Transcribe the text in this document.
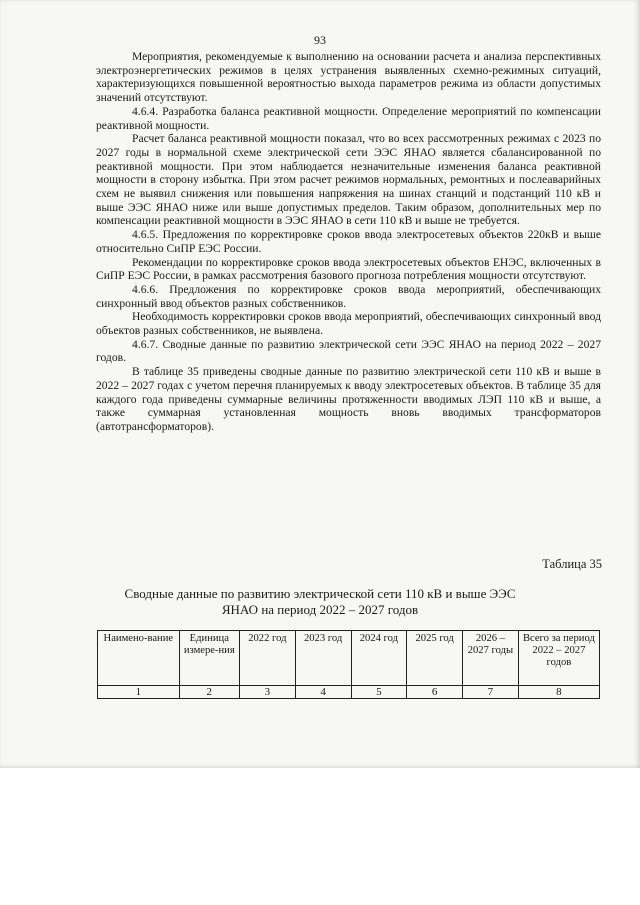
93

Мероприятия, рекомендуемые к выполнению на основании расчета и анализа перспективных электроэнергетических режимов в целях устранения выявленных схемно-режимных ситуаций, характеризующихся повышенной вероятностью выхода параметров режима из области допустимых значений отсутствуют.

4.6.4. Разработка баланса реактивной мощности. Определение мероприятий по компенсации реактивной мощности.

Расчет баланса реактивной мощности показал, что во всех рассмотренных режимах с 2023 по 2027 годы в нормальной схеме электрической сети ЭЭС ЯНАО является сбалансированной по реактивной мощности. При этом наблюдается незначительные изменения баланса реактивной мощности в сторону избытка. При этом расчет режимов нормальных, ремонтных и послеаварийных схем не выявил снижения или повышения напряжения на шинах станций и подстанций 110 кВ и выше ЭЭС ЯНАО ниже или выше допустимых пределов. Таким образом, дополнительных мер по компенсации реактивной мощности в ЭЭС ЯНАО в сети 110 кВ и выше не требуется.

4.6.5. Предложения по корректировке сроков ввода электросетевых объектов 220кВ и выше относительно СиПР ЕЭС России.

Рекомендации по корректировке сроков ввода электросетевых объектов ЕНЭС, включенных в СиПР ЕЭС России, в рамках рассмотрения базового прогноза потребления мощности отсутствуют.

4.6.6. Предложения по корректировке сроков ввода мероприятий, обеспечивающих синхронный ввод объектов разных собственников.

Необходимость корректировки сроков ввода мероприятий, обеспечивающих синхронный ввод объектов разных собственников, не выявлена.

4.6.7. Сводные данные по развитию электрической сети ЭЭС ЯНАО на период 2022 – 2027 годов.

В таблице 35 приведены сводные данные по развитию электрической сети 110 кВ и выше в 2022 – 2027 годах с учетом перечня планируемых к вводу электросетевых объектов. В таблице 35 для каждого года приведены суммарные величины протяженности вводимых ЛЭП 110 кВ и выше, а также суммарная установленная мощность вновь вводимых трансформаторов (автотрансформаторов).

Таблица 35
Сводные данные по развитию электрической сети 110 кВ и выше ЭЭС ЯНАО на период 2022 – 2027 годов
Наимено-вание	Единица измере-ния	2022 год	2023 год	2024 год	2025 год	2026 – 2027 годы	Всего за период 2022 – 2027 годов
1	2	3	4	5	6	7	8
